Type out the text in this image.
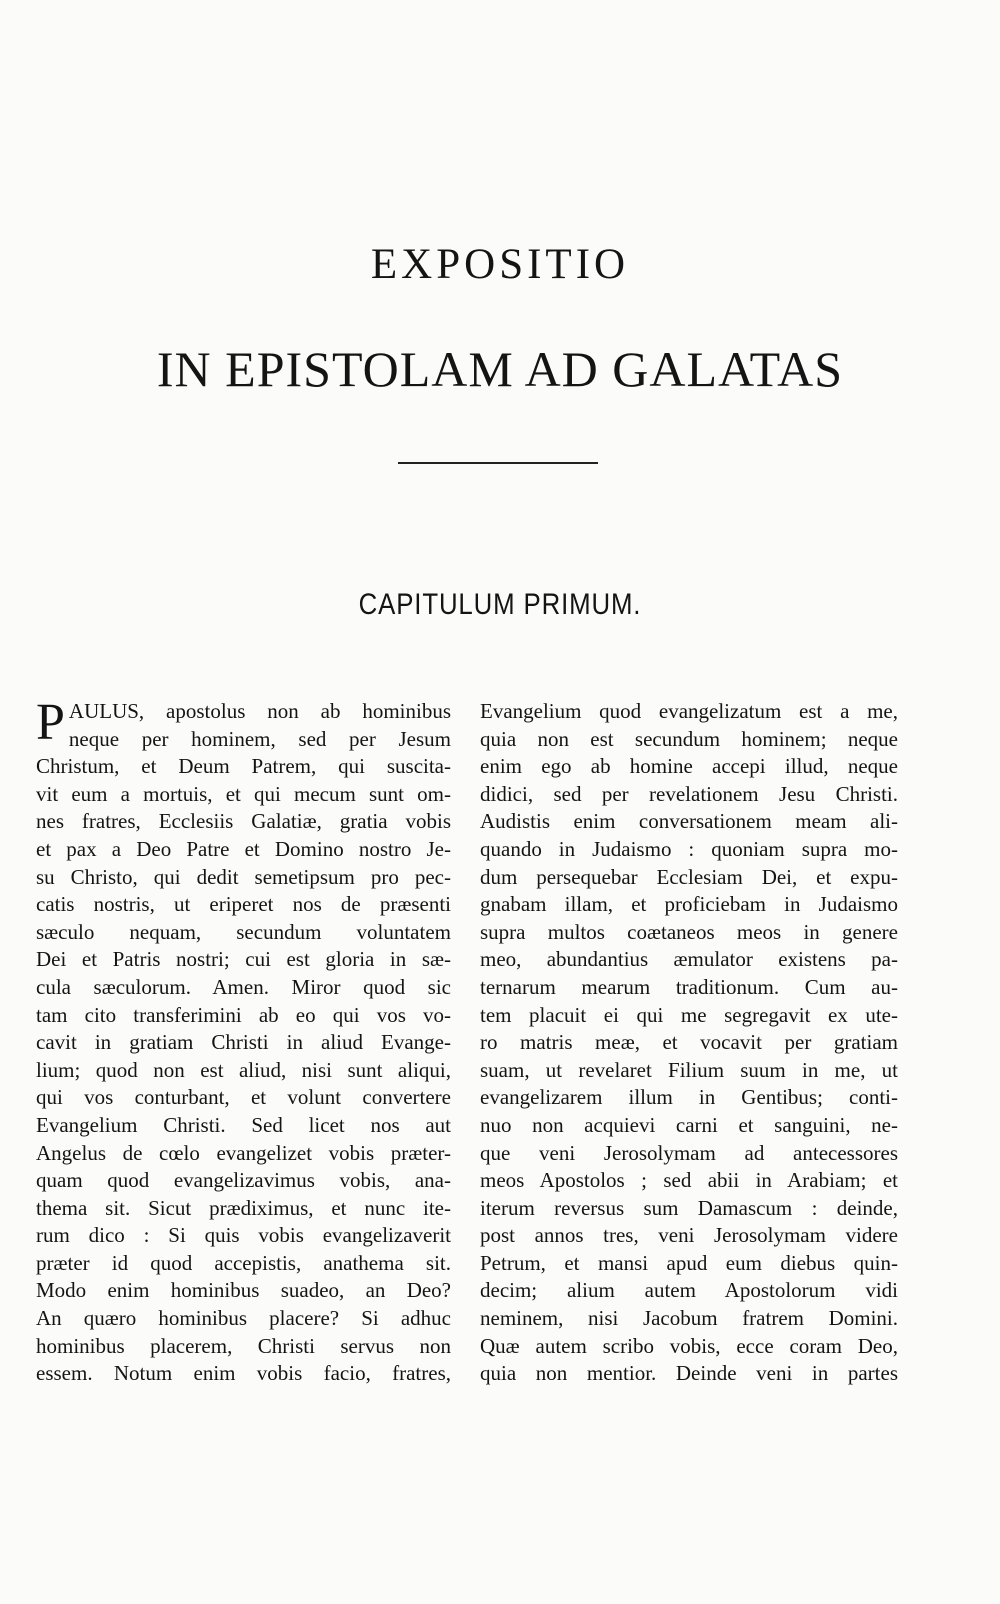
EXPOSITIO
IN EPISTOLAM AD GALATAS
CAPITULUM PRIMUM.
P AULUS, apostolus non ab hominibus
neque per hominem, sed per Jesum
Christum, et Deum Patrem, qui suscita-
vit eum a mortuis, et qui mecum sunt om-
nes fratres, Ecclesiis Galatiæ, gratia vobis
et pax a Deo Patre et Domino nostro Je-
su Christo, qui dedit semetipsum pro pec-
catis nostris, ut eriperet nos de præsenti
sæculo nequam, secundum voluntatem
Dei et Patris nostri; cui est gloria in sæ-
cula sæculorum. Amen. Miror quod sic
tam cito transferimini ab eo qui vos vo-
cavit in gratiam Christi in aliud Evange-
lium; quod non est aliud, nisi sunt aliqui,
qui vos conturbant, et volunt convertere
Evangelium Christi. Sed licet nos aut
Angelus de cœlo evangelizet vobis præter-
quam quod evangelizavimus vobis, ana-
thema sit. Sicut prædiximus, et nunc ite-
rum dico : Si quis vobis evangelizaverit
præter id quod accepistis, anathema sit.
Modo enim hominibus suadeo, an Deo?
An quæro hominibus placere? Si adhuc
hominibus placerem, Christi servus non
essem. Notum enim vobis facio, fratres,
Evangelium quod evangelizatum est a me,
quia non est secundum hominem; neque
enim ego ab homine accepi illud, neque
didici, sed per revelationem Jesu Christi.
Audistis enim conversationem meam ali-
quando in Judaismo : quoniam supra mo-
dum persequebar Ecclesiam Dei, et expu-
gnabam illam, et proficiebam in Judaismo
supra multos coætaneos meos in genere
meo, abundantius æmulator existens pa-
ternarum mearum traditionum. Cum au-
tem placuit ei qui me segregavit ex ute-
ro matris meæ, et vocavit per gratiam
suam, ut revelaret Filium suum in me, ut
evangelizarem illum in Gentibus; conti-
nuo non acquievi carni et sanguini, ne-
que veni Jerosolymam ad antecessores
meos Apostolos ; sed abii in Arabiam; et
iterum reversus sum Damascum : deinde,
post annos tres, veni Jerosolymam videre
Petrum, et mansi apud eum diebus quin-
decim; alium autem Apostolorum vidi
neminem, nisi Jacobum fratrem Domini.
Quæ autem scribo vobis, ecce coram Deo,
quia non mentior. Deinde veni in partes
